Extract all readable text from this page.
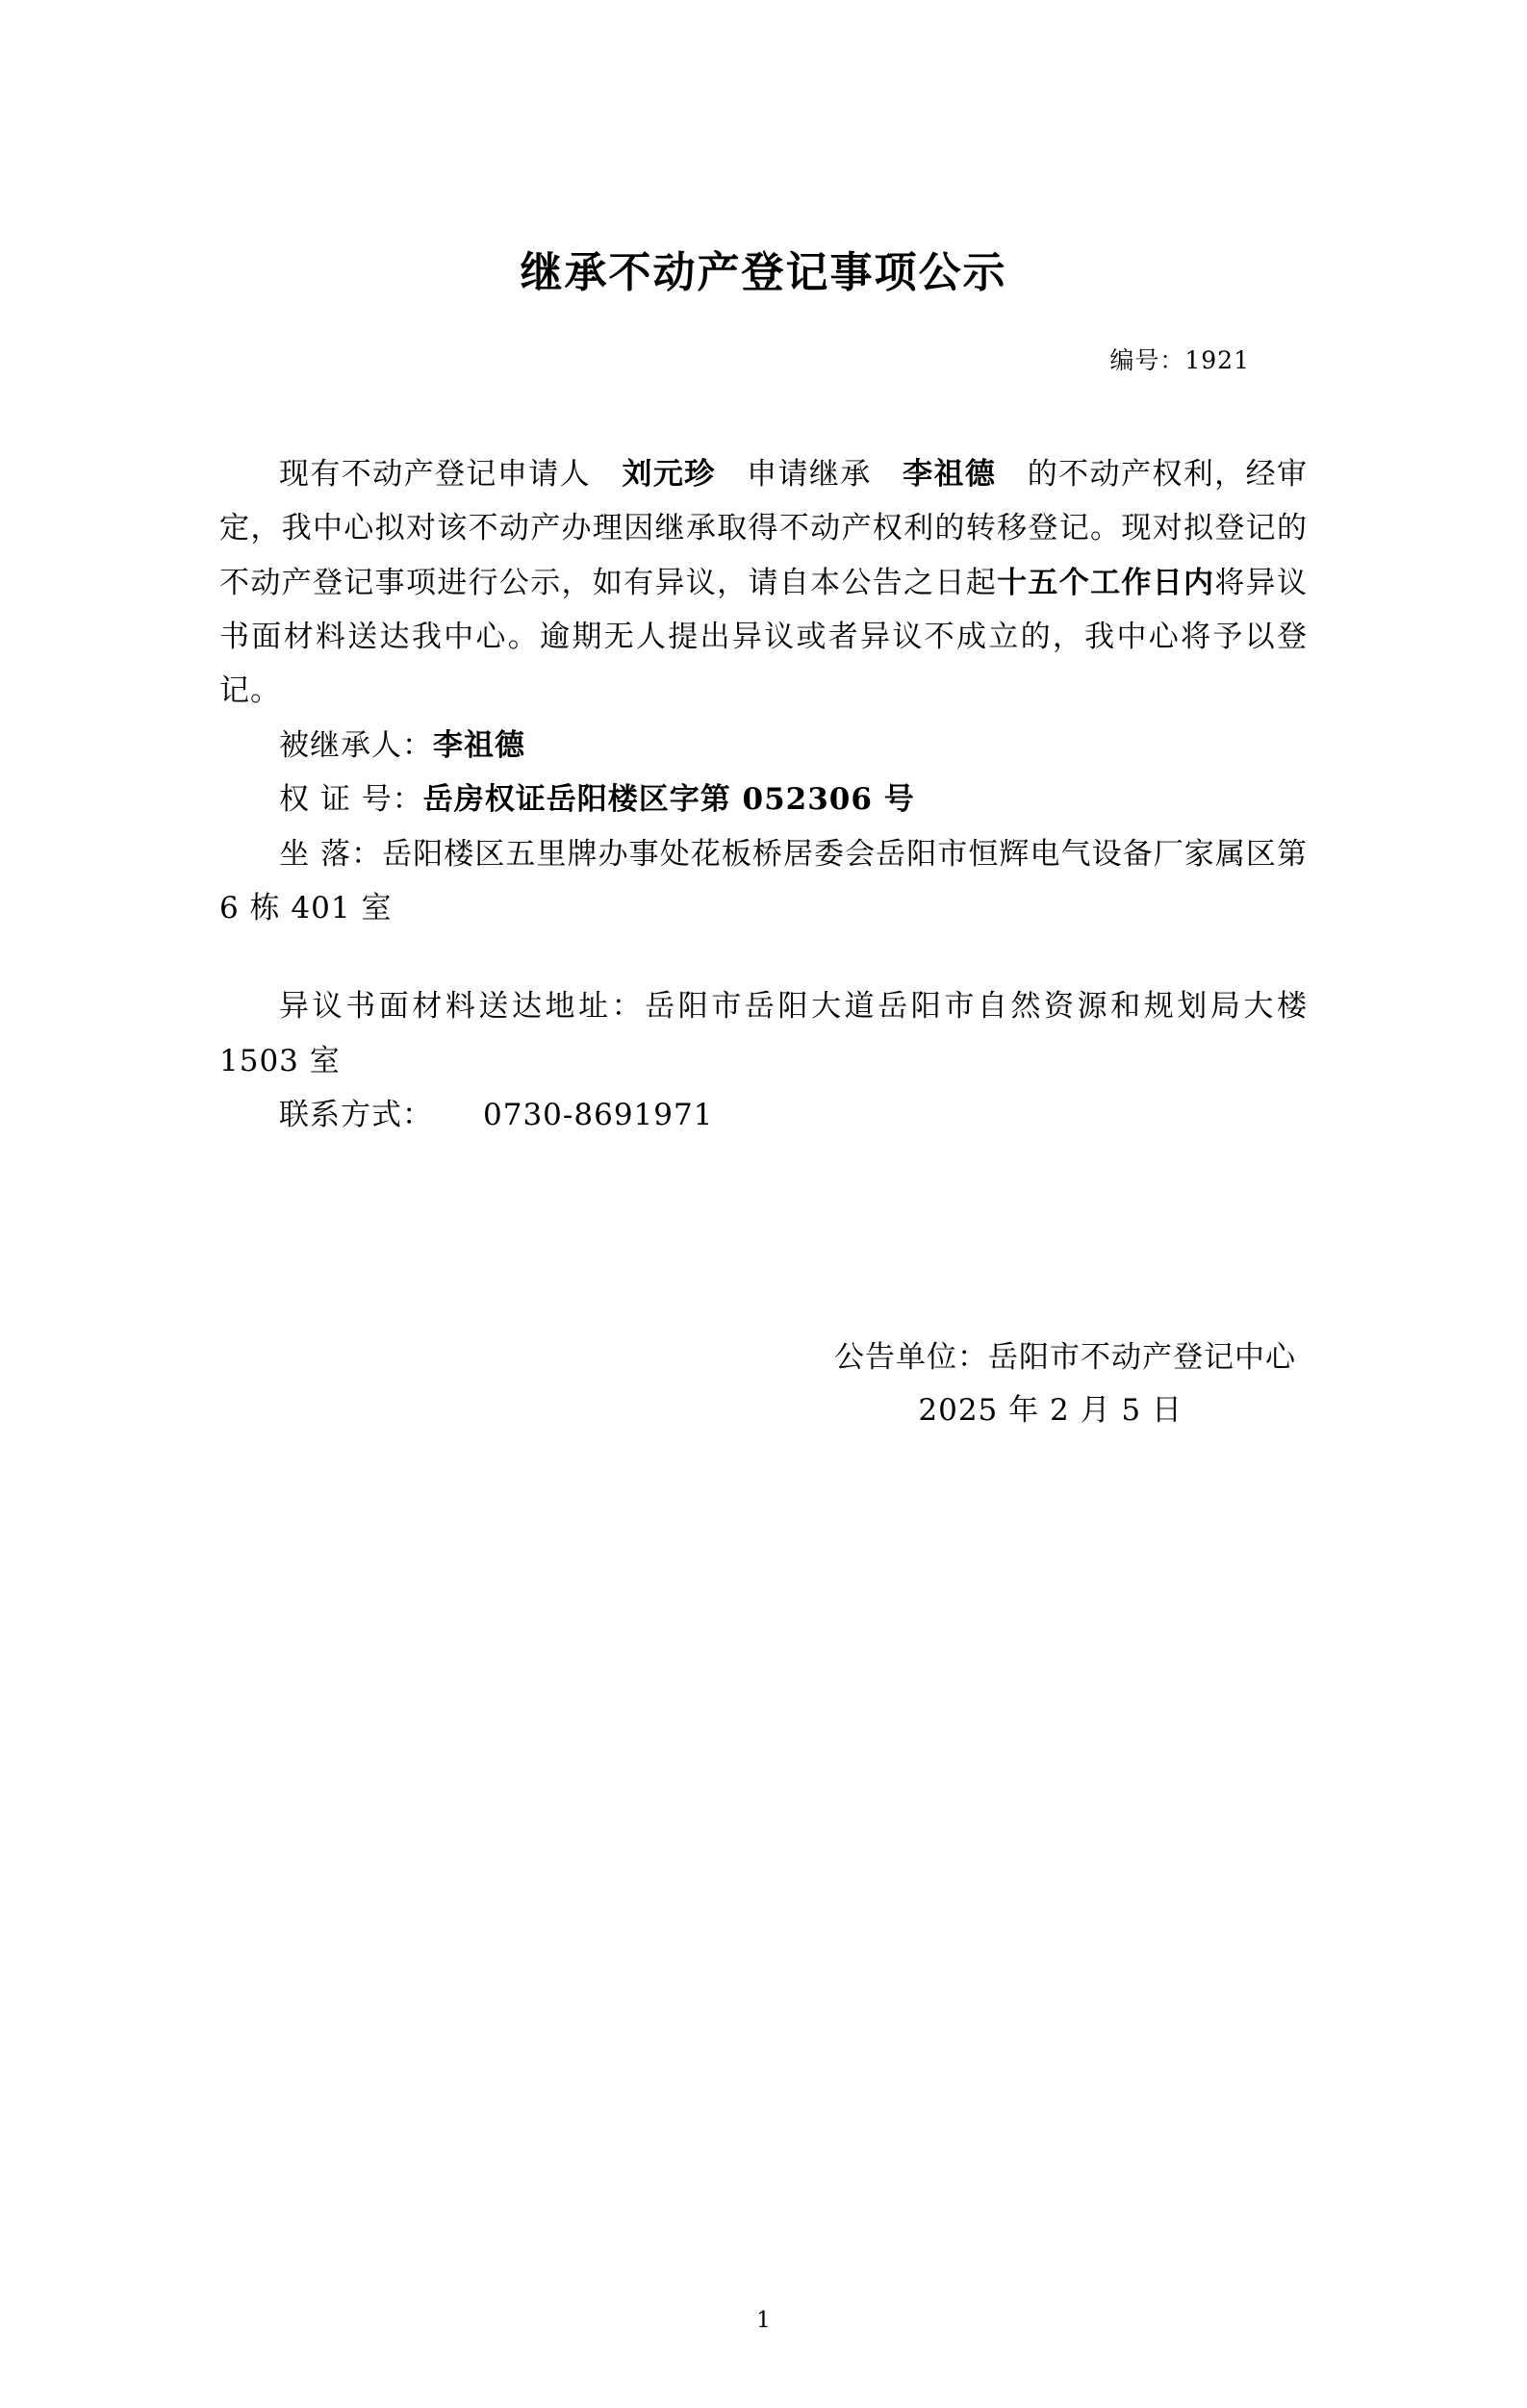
继承不动产登记事项公示
编号：1921
现有不动产登记申请人 刘元珍 申请继承 李祖德 的不动产权利，经审定，我中心拟对该不动产办理因继承取得不动产权利的转移登记。现对拟登记的不动产登记事项进行公示，如有异议，请自本公告之日起十五个工作日内将异议书面材料送达我中心。逾期无人提出异议或者异议不成立的，我中心将予以登记。
被继承人：李祖德
权 证 号：岳房权证岳阳楼区字第 052306 号
坐 落：岳阳楼区五里牌办事处花板桥居委会岳阳市恒辉电气设备厂家属区第 6 栋 401 室
异议书面材料送达地址：岳阳市岳阳大道岳阳市自然资源和规划局大楼 1503 室
联系方式： 0730-8691971
公告单位：岳阳市不动产登记中心
2025 年 2 月 5 日
1
